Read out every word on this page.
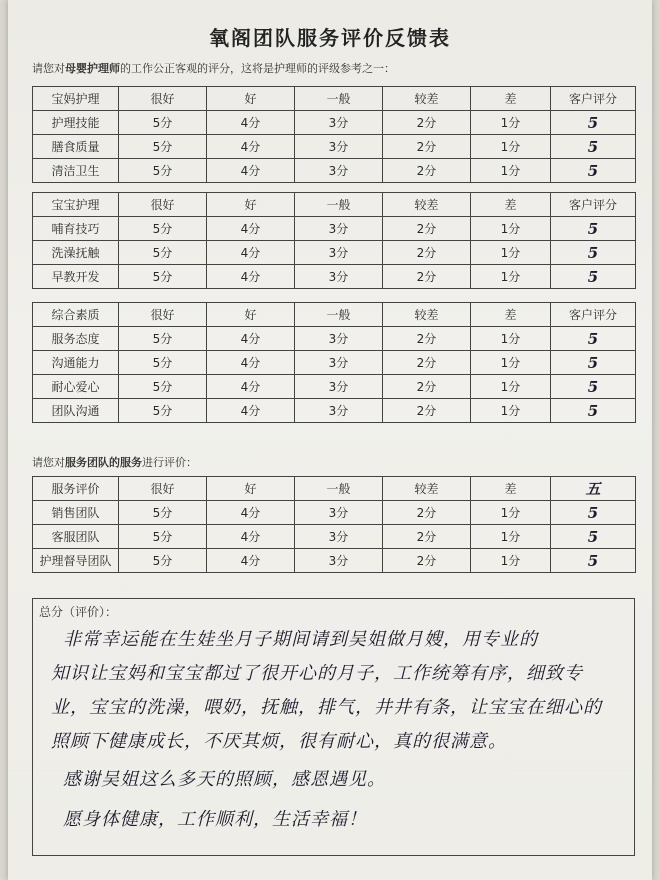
氧阁团队服务评价反馈表
请您对母婴护理师的工作公正客观的评分，这将是护理师的评级参考之一：
宝妈护理	很好	好	一般	较差	差	客户评分
护理技能	5分	4分	3分	2分	1分	5
膳食质量	5分	4分	3分	2分	1分	5
清洁卫生	5分	4分	3分	2分	1分	5
宝宝护理	很好	好	一般	较差	差	客户评分
哺育技巧	5分	4分	3分	2分	1分	5
洗澡抚触	5分	4分	3分	2分	1分	5
早教开发	5分	4分	3分	2分	1分	5
综合素质	很好	好	一般	较差	差	客户评分
服务态度	5分	4分	3分	2分	1分	5
沟通能力	5分	4分	3分	2分	1分	5
耐心爱心	5分	4分	3分	2分	1分	5
团队沟通	5分	4分	3分	2分	1分	5
请您对服务团队的服务进行评价：
服务评价	很好	好	一般	较差	差	五
销售团队	5分	4分	3分	2分	1分	5
客服团队	5分	4分	3分	2分	1分	5
护理督导团队	5分	4分	3分	2分	1分	5
总分（评价）：
非常幸运能在生娃坐月子期间请到吴姐做月嫂，用专业的
知识让宝妈和宝宝都过了很开心的月子，工作统筹有序，细致专
业，宝宝的洗澡，喂奶，抚触，排气，井井有条，让宝宝在细心的
照顾下健康成长，不厌其烦，很有耐心，真的很满意。
感谢吴姐这么多天的照顾，感恩遇见。
愿身体健康，工作顺利，生活幸福！
